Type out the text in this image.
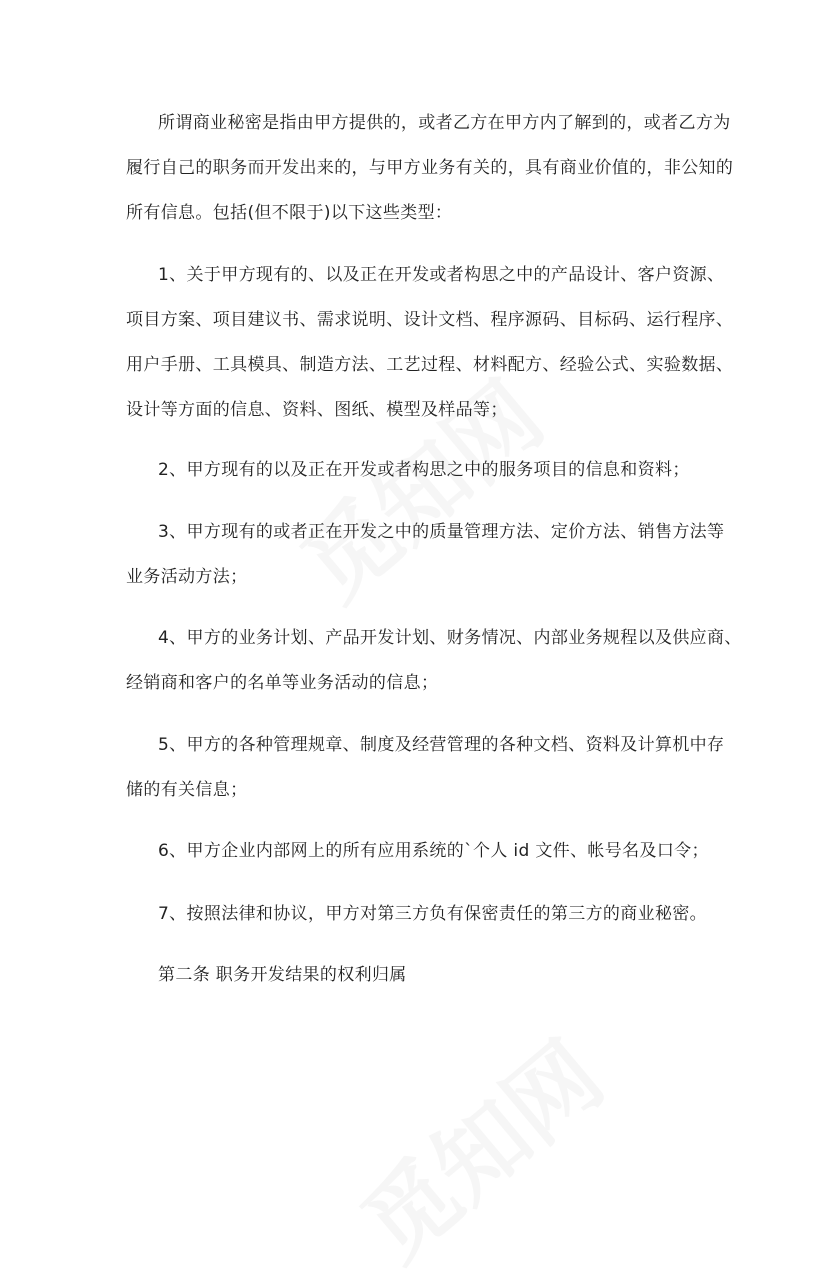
所谓商业秘密是指由甲方提供的，或者乙方在甲方内了解到的，或者乙方为
履行自己的职务而开发出来的，与甲方业务有关的，具有商业价值的，非公知的
所有信息。包括(但不限于)以下这些类型：
1、关于甲方现有的、以及正在开发或者构思之中的产品设计、客户资源、
项目方案、项目建议书、需求说明、设计文档、程序源码、目标码、运行程序、
用户手册、工具模具、制造方法、工艺过程、材料配方、经验公式、实验数据、
设计等方面的信息、资料、图纸、模型及样品等；
2、甲方现有的以及正在开发或者构思之中的服务项目的信息和资料；
3、甲方现有的或者正在开发之中的质量管理方法、定价方法、销售方法等
业务活动方法；
4、甲方的业务计划、产品开发计划、财务情况、内部业务规程以及供应商、
经销商和客户的名单等业务活动的信息；
5、甲方的各种管理规章、制度及经营管理的各种文档、资料及计算机中存
储的有关信息；
6、甲方企业内部网上的所有应用系统的`个人 id 文件、帐号名及口令；
7、按照法律和协议，甲方对第三方负有保密责任的第三方的商业秘密。
第二条 职务开发结果的权利归属
